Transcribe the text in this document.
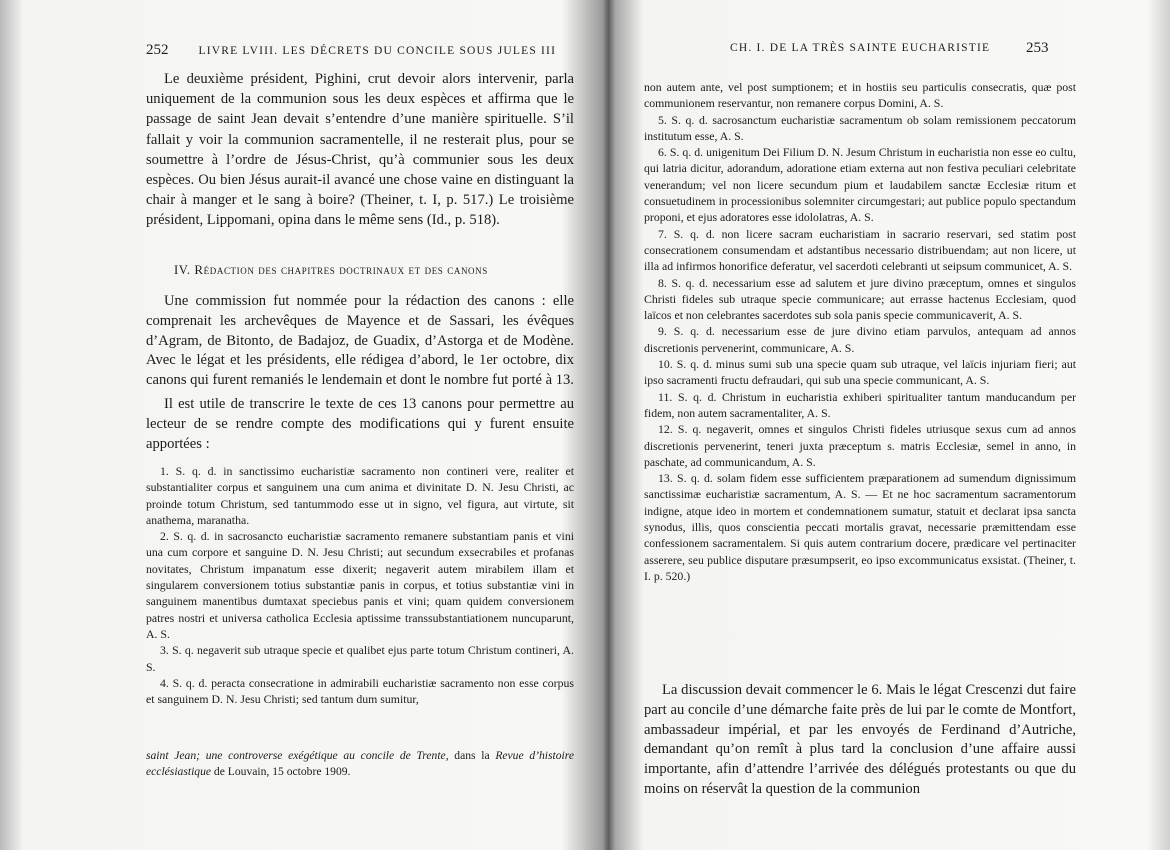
252	LIVRE LVIII. LES DÉCRETS DU CONCILE SOUS JULES III

Le deuxième président, Pighini, crut devoir alors intervenir, parla uniquement de la communion sous les deux espèces et affirma que le passage de saint Jean devait s’entendre d’une manière spirituelle. S’il fallait y voir la communion sacramentelle, il ne resterait plus, pour se soumettre à l’ordre de Jésus-Christ, qu’à communier sous les deux espèces. Ou bien Jésus aurait-il avancé une chose vaine en distinguant la chair à manger et le sang à boire? (Theiner, t. I, p. 517.) Le troisième président, Lippomani, opina dans le même sens (Id., p. 518).

IV. Rédaction des chapitres doctrinaux et des canons

Une commission fut nommée pour la rédaction des canons : elle comprenait les archevêques de Mayence et de Sassari, les évêques d’Agram, de Bitonto, de Badajoz, de Guadix, d’Astorga et de Modène. Avec le légat et les présidents, elle rédigea d’abord, le 1er octobre, dix canons qui furent remaniés le lendemain et dont le nombre fut porté à 13.

Il est utile de transcrire le texte de ces 13 canons pour permettre au lecteur de se rendre compte des modifications qui y furent ensuite apportées :

1. S. q. d. in sanctissimo eucharistiæ sacramento non contineri vere, realiter et substantialiter corpus et sanguinem una cum anima et divinitate D. N. Jesu Christi, ac proinde totum Christum, sed tantummodo esse ut in signo, vel figura, aut virtute, sit anathema, maranatha.

2. S. q. d. in sacrosancto eucharistiæ sacramento remanere substantiam panis et vini una cum corpore et sanguine D. N. Jesu Christi; aut secundum exsecrabiles et profanas novitates, Christum impanatum esse dixerit; negaverit autem mirabilem illam et singularem conversionem totius substantiæ panis in corpus, et totius substantiæ vini in sanguinem manentibus dumtaxat speciebus panis et vini; quam quidem conversionem patres nostri et universa catholica Ecclesia aptissime transsubstantiationem nuncuparunt, A. S.

3. S. q. negaverit sub utraque specie et qualibet ejus parte totum Christum contineri, A. S.

4. S. q. d. peracta consecratione in admirabili eucharistiæ sacramento non esse corpus et sanguinem D. N. Jesu Christi; sed tantum dum sumitur,

saint Jean; une controverse exégétique au concile de Trente, dans la Revue d’histoire ecclésiastique de Louvain, 15 octobre 1909.
CH. I. DE LA TRÈS SAINTE EUCHARISTIE 253

non autem ante, vel post sumptionem; et in hostiis seu particulis consecratis, quæ post communionem reservantur, non remanere corpus Domini, A. S.

5. S. q. d. sacrosanctum eucharistiæ sacramentum ob solam remissionem peccatorum institutum esse, A. S.

6. S. q. d. unigenitum Dei Filium D. N. Jesum Christum in eucharistia non esse eo cultu, qui latria dicitur, adorandum, adoratione etiam externa aut non festiva peculiari celebritate venerandum; vel non licere secundum pium et laudabilem sanctæ Ecclesiæ ritum et consuetudinem in processionibus solemniter circumgestari; aut publice populo spectandum proponi, et ejus adoratores esse idololatras, A. S.

7. S. q. d. non licere sacram eucharistiam in sacrario reservari, sed statim post consecrationem consumendam et adstantibus necessario distribuendam; aut non licere, ut illa ad infirmos honorifice deferatur, vel sacerdoti celebranti ut seipsum communicet, A. S.

8. S. q. d. necessarium esse ad salutem et jure divino præceptum, omnes et singulos Christi fideles sub utraque specie communicare; aut errasse hactenus Ecclesiam, quod laïcos et non celebrantes sacerdotes sub sola panis specie communicaverit, A. S.

9. S. q. d. necessarium esse de jure divino etiam parvulos, antequam ad annos discretionis pervenerint, communicare, A. S.

10. S. q. d. minus sumi sub una specie quam sub utraque, vel laïcis injuriam fieri; aut ipso sacramenti fructu defraudari, qui sub una specie communicant, A. S.

11. S. q. d. Christum in eucharistia exhiberi spiritualiter tantum manducandum per fidem, non autem sacramentaliter, A. S.

12. S. q. negaverit, omnes et singulos Christi fideles utriusque sexus cum ad annos discretionis pervenerint, teneri juxta præceptum s. matris Ecclesiæ, semel in anno, in paschate, ad communicandum, A. S.

13. S. q. d. solam fidem esse sufficientem præparationem ad sumendum dignissimum sanctissimæ eucharistiæ sacramentum, A. S. — Et ne hoc sacramentum sacramentorum indigne, atque ideo in mortem et condemnationem sumatur, statuit et declarat ipsa sancta synodus, illis, quos conscientia peccati mortalis gravat, necessarie præmittendam esse confessionem sacramentalem. Si quis autem contrarium docere, prædicare vel pertinaciter asserere, seu publice disputare præsumpserit, eo ipso excommunicatus exsistat. (Theiner, t. I. p. 520.)

La discussion devait commencer le 6. Mais le légat Crescenzi dut faire part au concile d’une démarche faite près de lui par le comte de Montfort, ambassadeur impérial, et par les envoyés de Ferdinand d’Autriche, demandant qu’on remît à plus tard la conclusion d’une affaire aussi importante, afin d’attendre l’arrivée des délégués protestants ou que du moins on réservât la question de la communion
